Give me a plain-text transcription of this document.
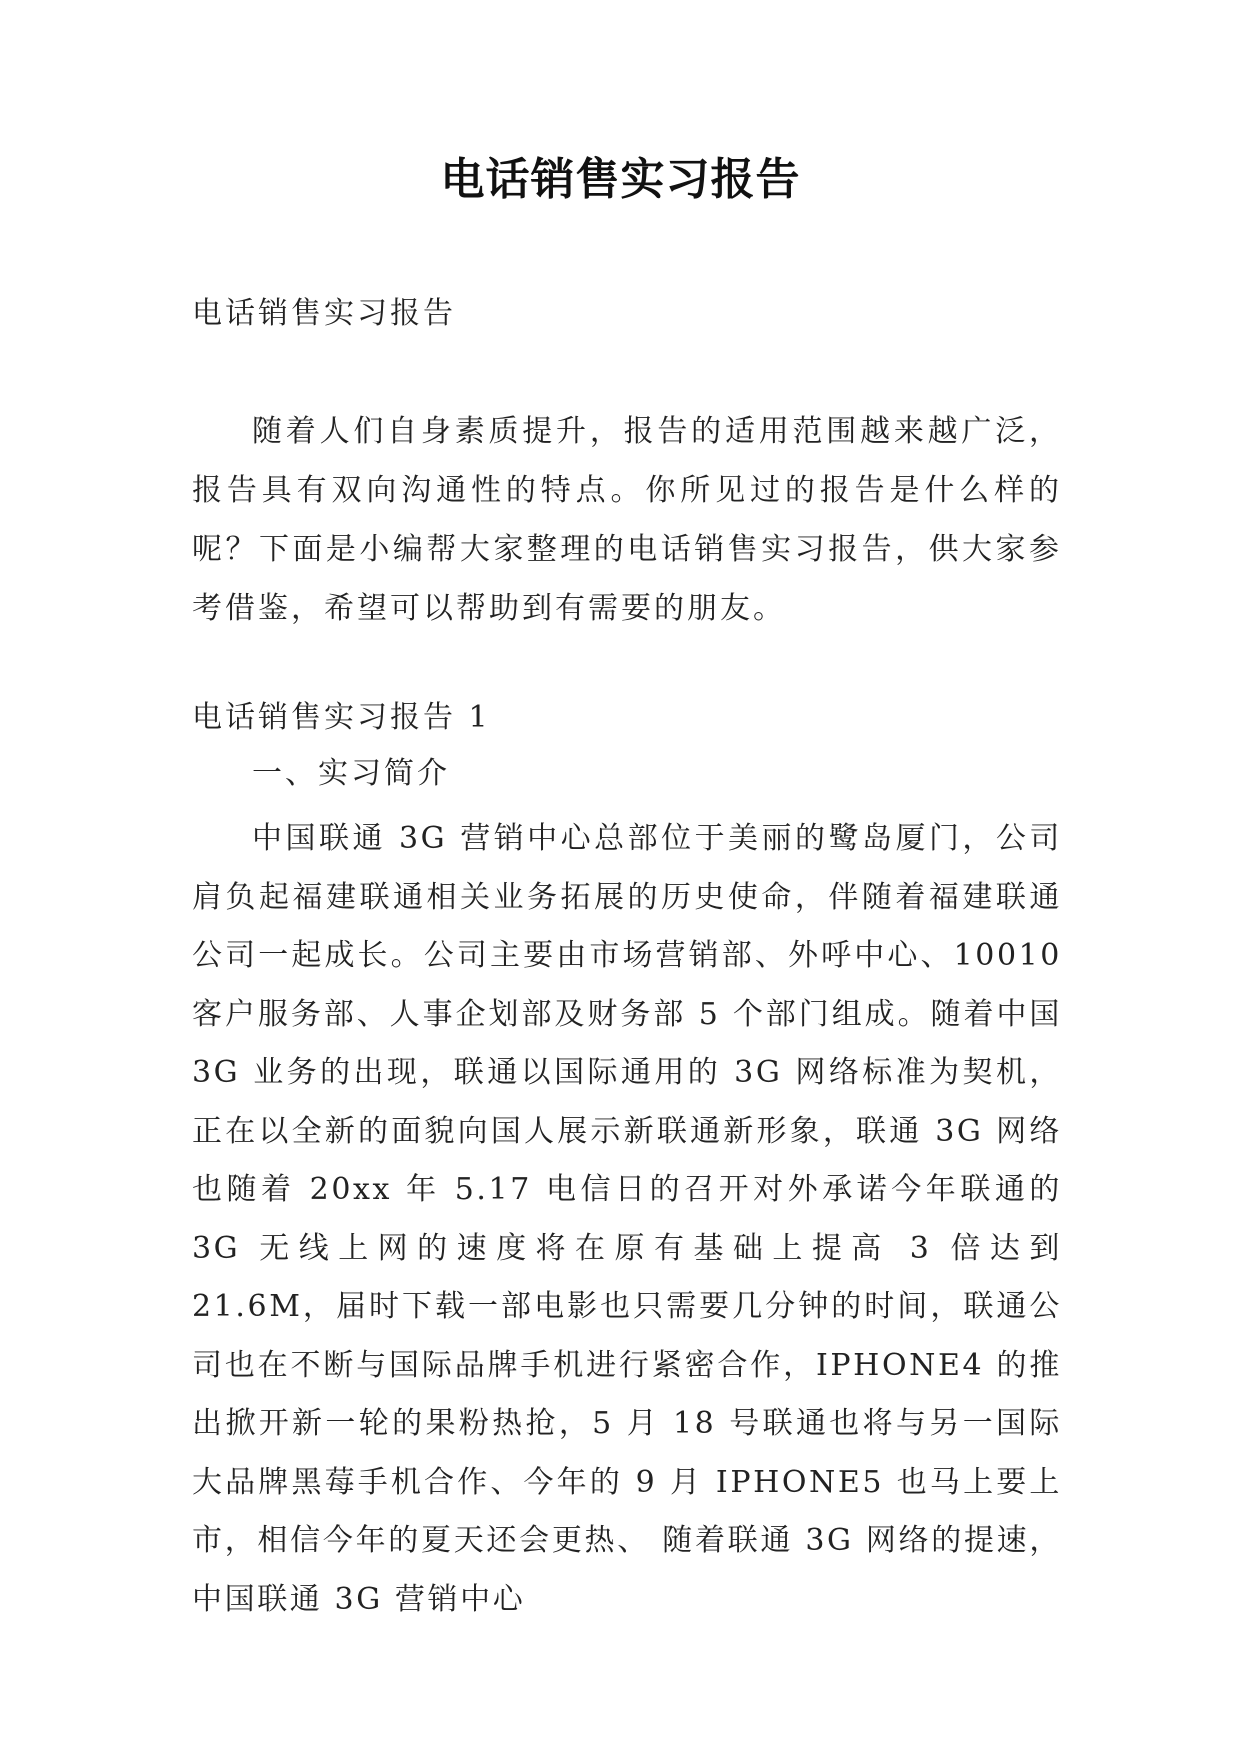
电话销售实习报告
电话销售实习报告
随着人们自身素质提升，报告的适用范围越来越广泛，报告具有双向沟通性的特点。你所见过的报告是什么样的呢？下面是小编帮大家整理的电话销售实习报告，供大家参考借鉴，希望可以帮助到有需要的朋友。
电话销售实习报告 1
一、实习简介
中国联通 3G 营销中心总部位于美丽的鹭岛厦门，公司肩负起福建联通相关业务拓展的历史使命，伴随着福建联通公司一起成长。公司主要由市场营销部、外呼中心、10010 客户服务部、人事企划部及财务部 5 个部门组成。随着中国 3G 业务的出现，联通以国际通用的 3G 网络标准为契机，正在以全新的面貌向国人展示新联通新形象，联通 3G 网络也随着 20xx 年 5.17 电信日的召开对外承诺今年联通的 3G 无线上网的速度将在原有基础上提高 3 倍达到 21.6M，届时下载一部电影也只需要几分钟的时间，联通公司也在不断与国际品牌手机进行紧密合作，IPHONE4 的推出掀开新一轮的果粉热抢，5 月 18 号联通也将与另一国际大品牌黑莓手机合作、今年的 9 月 IPHONE5 也马上要上市，相信今年的夏天还会更热、 随着联通 3G 网络的提速，中国联通 3G 营销中心
